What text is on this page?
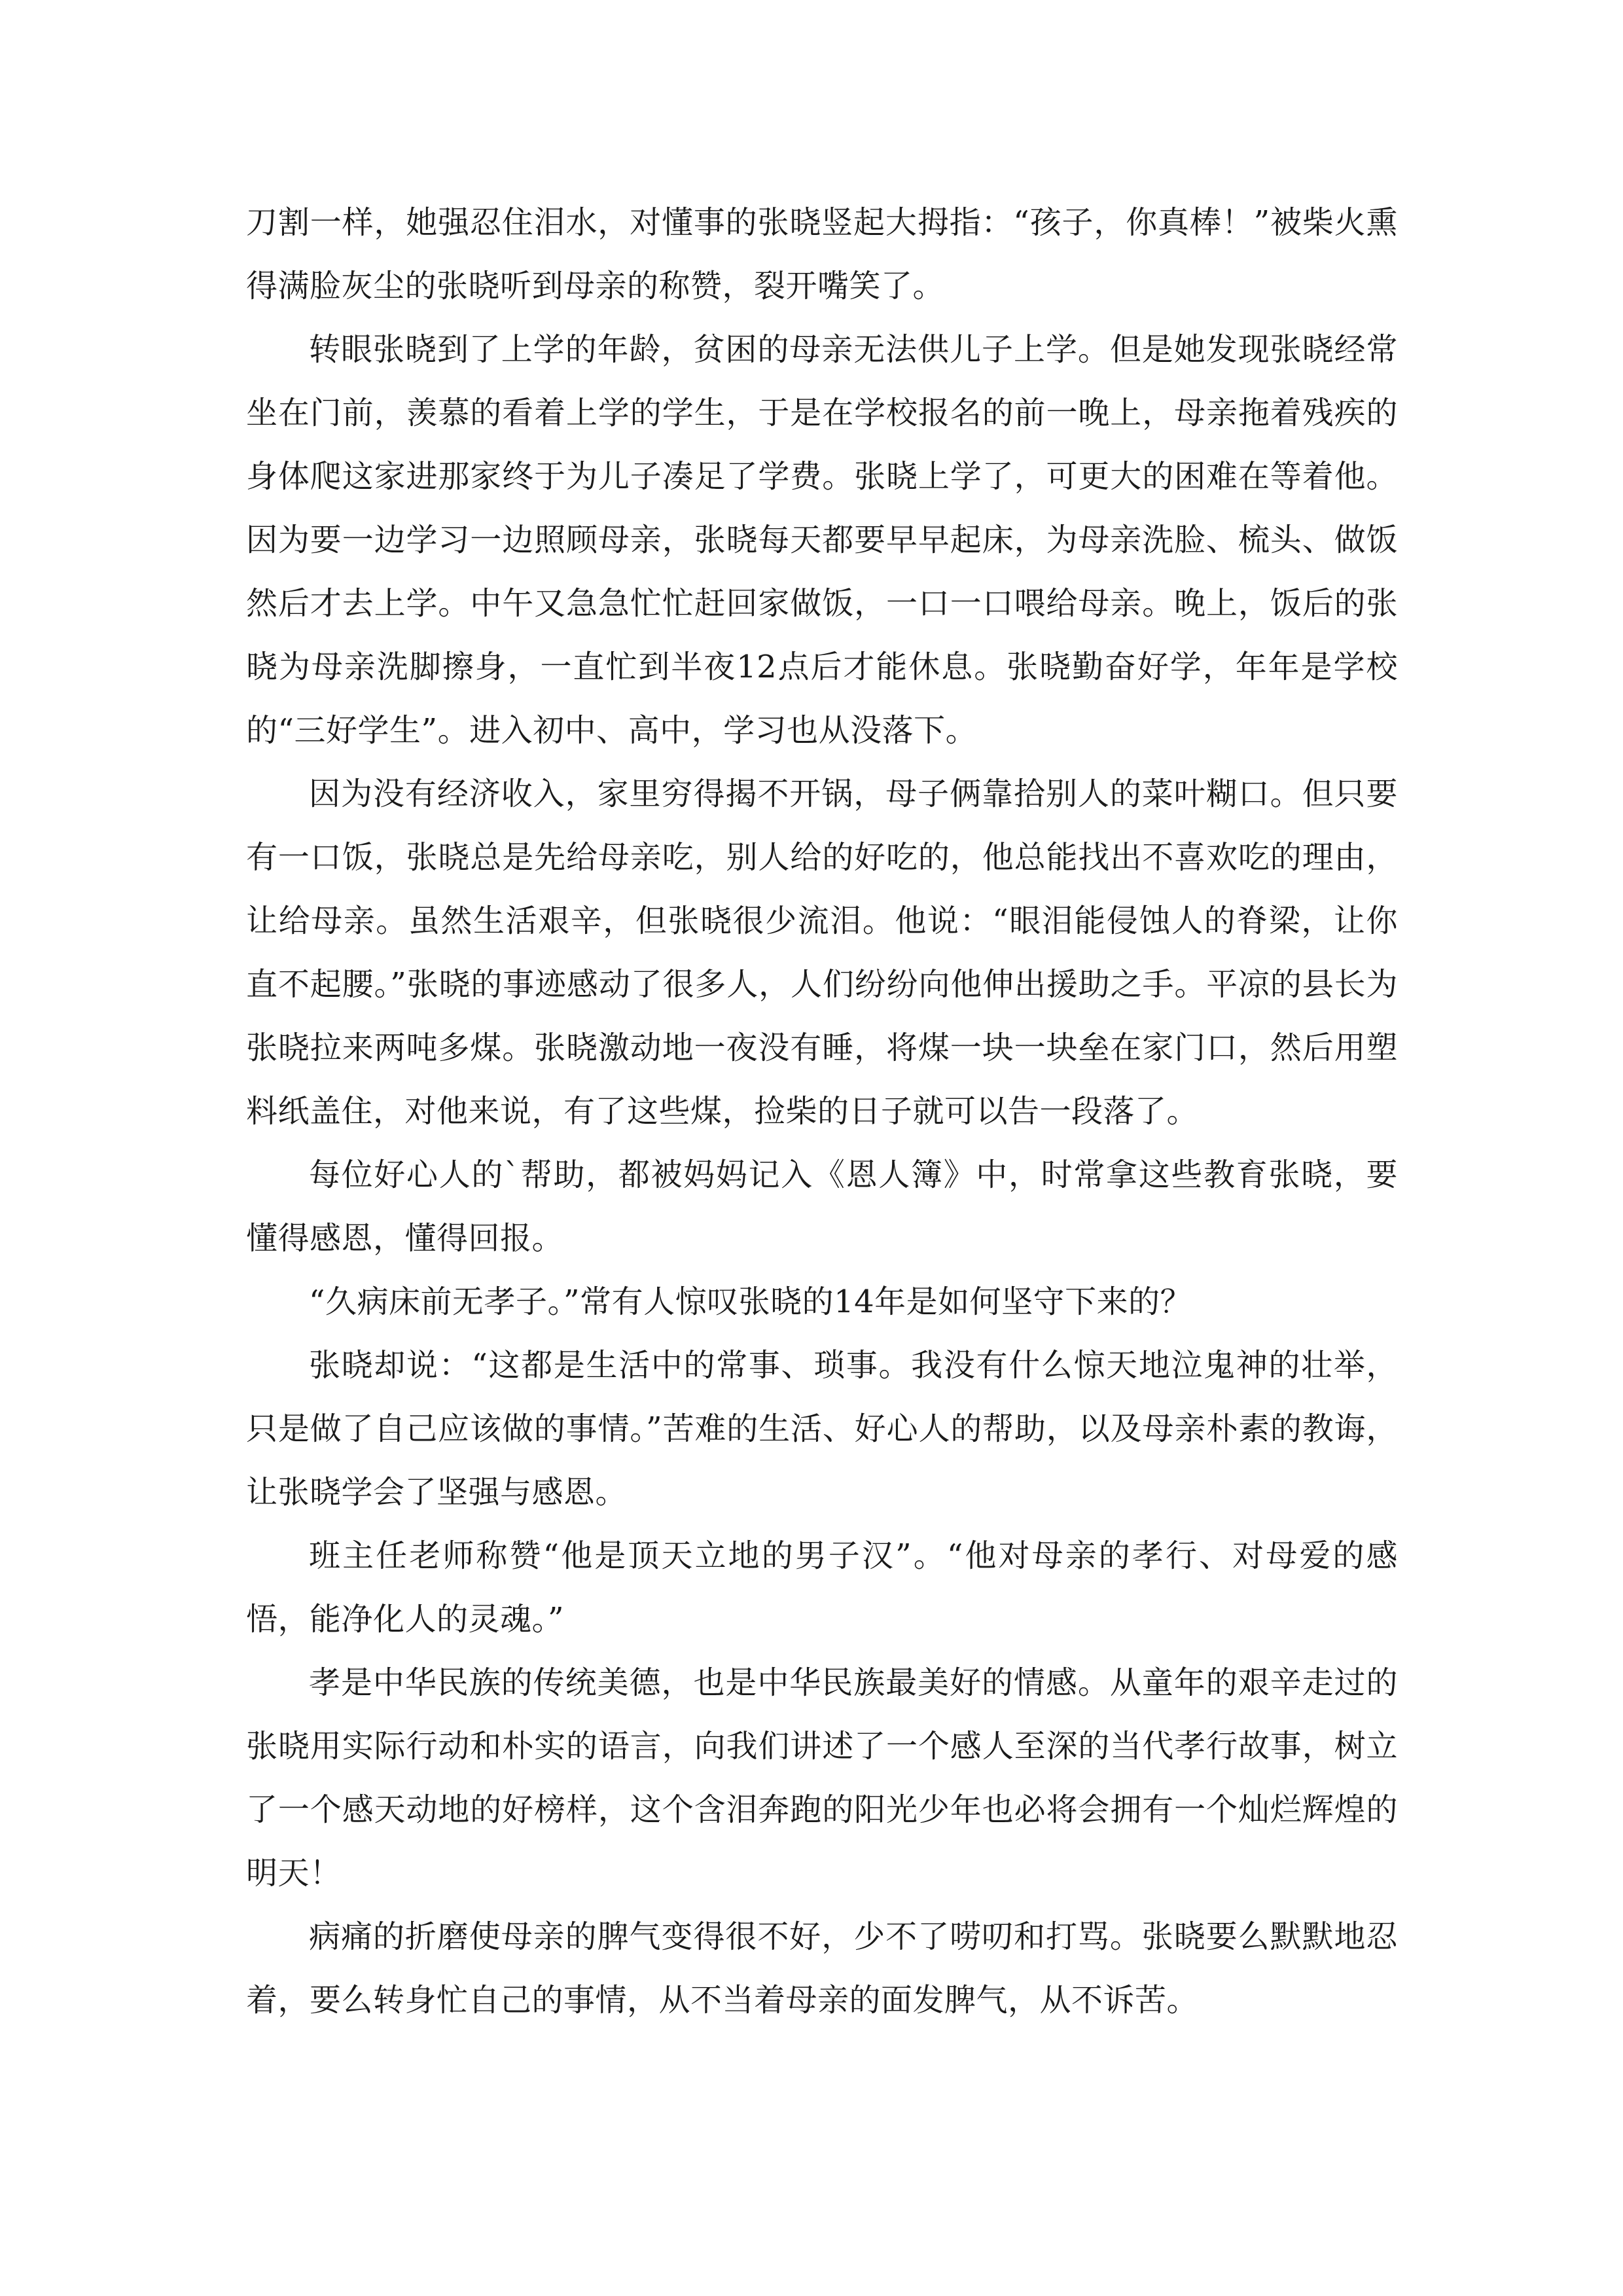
刀割一样，她强忍住泪水，对懂事的张晓竖起大拇指：“孩子，你真棒！”被柴火熏得满脸灰尘的张晓听到母亲的称赞，裂开嘴笑了。

转眼张晓到了上学的年龄，贫困的母亲无法供儿子上学。但是她发现张晓经常坐在门前，羡慕的看着上学的学生，于是在学校报名的前一晚上，母亲拖着残疾的身体爬这家进那家终于为儿子凑足了学费。张晓上学了，可更大的困难在等着他。因为要一边学习一边照顾母亲，张晓每天都要早早起床，为母亲洗脸、梳头、做饭然后才去上学。中午又急急忙忙赶回家做饭，一口一口喂给母亲。晚上，饭后的张晓为母亲洗脚擦身，一直忙到半夜12点后才能休息。张晓勤奋好学，年年是学校的“三好学生”。进入初中、高中，学习也从没落下。

因为没有经济收入，家里穷得揭不开锅，母子俩靠拾别人的菜叶糊口。但只要有一口饭，张晓总是先给母亲吃，别人给的好吃的，他总能找出不喜欢吃的理由，让给母亲。虽然生活艰辛，但张晓很少流泪。他说：“眼泪能侵蚀人的脊梁，让你直不起腰。”张晓的事迹感动了很多人，人们纷纷向他伸出援助之手。平凉的县长为张晓拉来两吨多煤。张晓激动地一夜没有睡，将煤一块一块垒在家门口，然后用塑料纸盖住，对他来说，有了这些煤，捡柴的日子就可以告一段落了。

每位好心人的`帮助，都被妈妈记入《恩人簿》中，时常拿这些教育张晓，要懂得感恩，懂得回报。

“久病床前无孝子。”常有人惊叹张晓的14年是如何坚守下来的？

张晓却说：“这都是生活中的常事、琐事。我没有什么惊天地泣鬼神的壮举，只是做了自己应该做的事情。”苦难的生活、好心人的帮助，以及母亲朴素的教诲，让张晓学会了坚强与感恩。

班主任老师称赞“他是顶天立地的男子汉”。“他对母亲的孝行、对母爱的感悟，能净化人的灵魂。”

孝是中华民族的传统美德，也是中华民族最美好的情感。从童年的艰辛走过的张晓用实际行动和朴实的语言，向我们讲述了一个感人至深的当代孝行故事，树立了一个感天动地的好榜样，这个含泪奔跑的阳光少年也必将会拥有一个灿烂辉煌的明天！

病痛的折磨使母亲的脾气变得很不好，少不了唠叨和打骂。张晓要么默默地忍着，要么转身忙自己的事情，从不当着母亲的面发脾气，从不诉苦。
